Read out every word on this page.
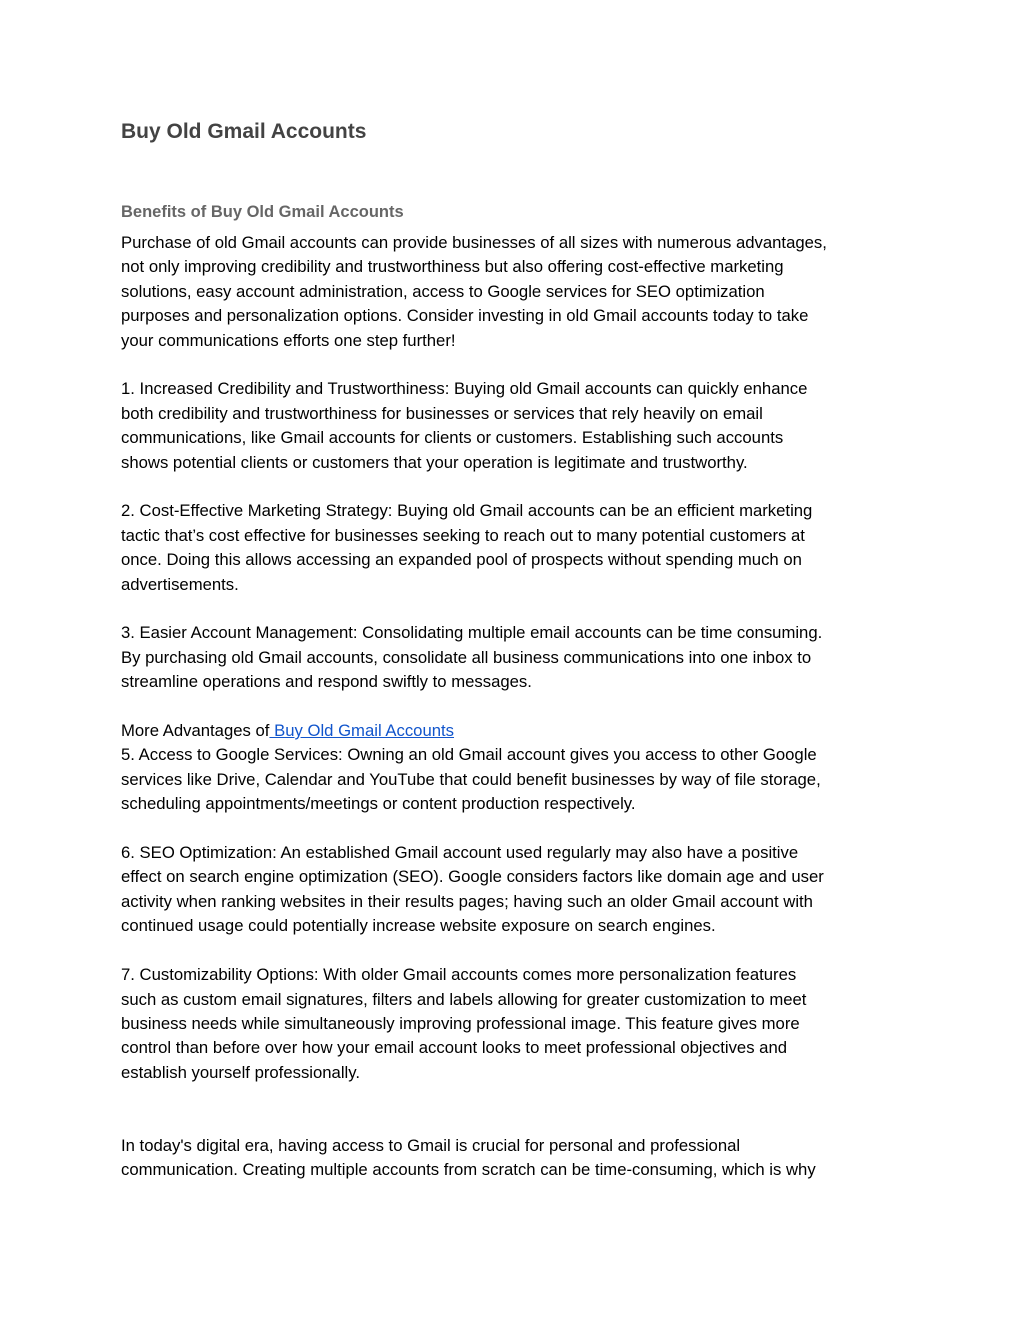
Buy Old Gmail Accounts
Benefits of Buy Old Gmail Accounts

Purchase of old Gmail accounts can provide businesses of all sizes with numerous advantages,

not only improving credibility and trustworthiness but also offering cost-effective marketing

solutions, easy account administration, access to Google services for SEO optimization

purposes and personalization options. Consider investing in old Gmail accounts today to take

your communications efforts one step further!

1. Increased Credibility and Trustworthiness: Buying old Gmail accounts can quickly enhance

both credibility and trustworthiness for businesses or services that rely heavily on email

communications, like Gmail accounts for clients or customers. Establishing such accounts

shows potential clients or customers that your operation is legitimate and trustworthy.

2. Cost-Effective Marketing Strategy: Buying old Gmail accounts can be an efficient marketing

tactic that’s cost effective for businesses seeking to reach out to many potential customers at

once. Doing this allows accessing an expanded pool of prospects without spending much on

advertisements.

3. Easier Account Management: Consolidating multiple email accounts can be time consuming.

By purchasing old Gmail accounts, consolidate all business communications into one inbox to

streamline operations and respond swiftly to messages.

More Advantages of Buy Old Gmail Accounts

5. Access to Google Services: Owning an old Gmail account gives you access to other Google

services like Drive, Calendar and YouTube that could benefit businesses by way of file storage,

scheduling appointments/meetings or content production respectively.

6. SEO Optimization: An established Gmail account used regularly may also have a positive

effect on search engine optimization (SEO). Google considers factors like domain age and user

activity when ranking websites in their results pages; having such an older Gmail account with

continued usage could potentially increase website exposure on search engines.

7. Customizability Options: With older Gmail accounts comes more personalization features

such as custom email signatures, filters and labels allowing for greater customization to meet

business needs while simultaneously improving professional image. This feature gives more

control than before over how your email account looks to meet professional objectives and

establish yourself professionally.

In today's digital era, having access to Gmail is crucial for personal and professional

communication. Creating multiple accounts from scratch can be time-consuming, which is why
